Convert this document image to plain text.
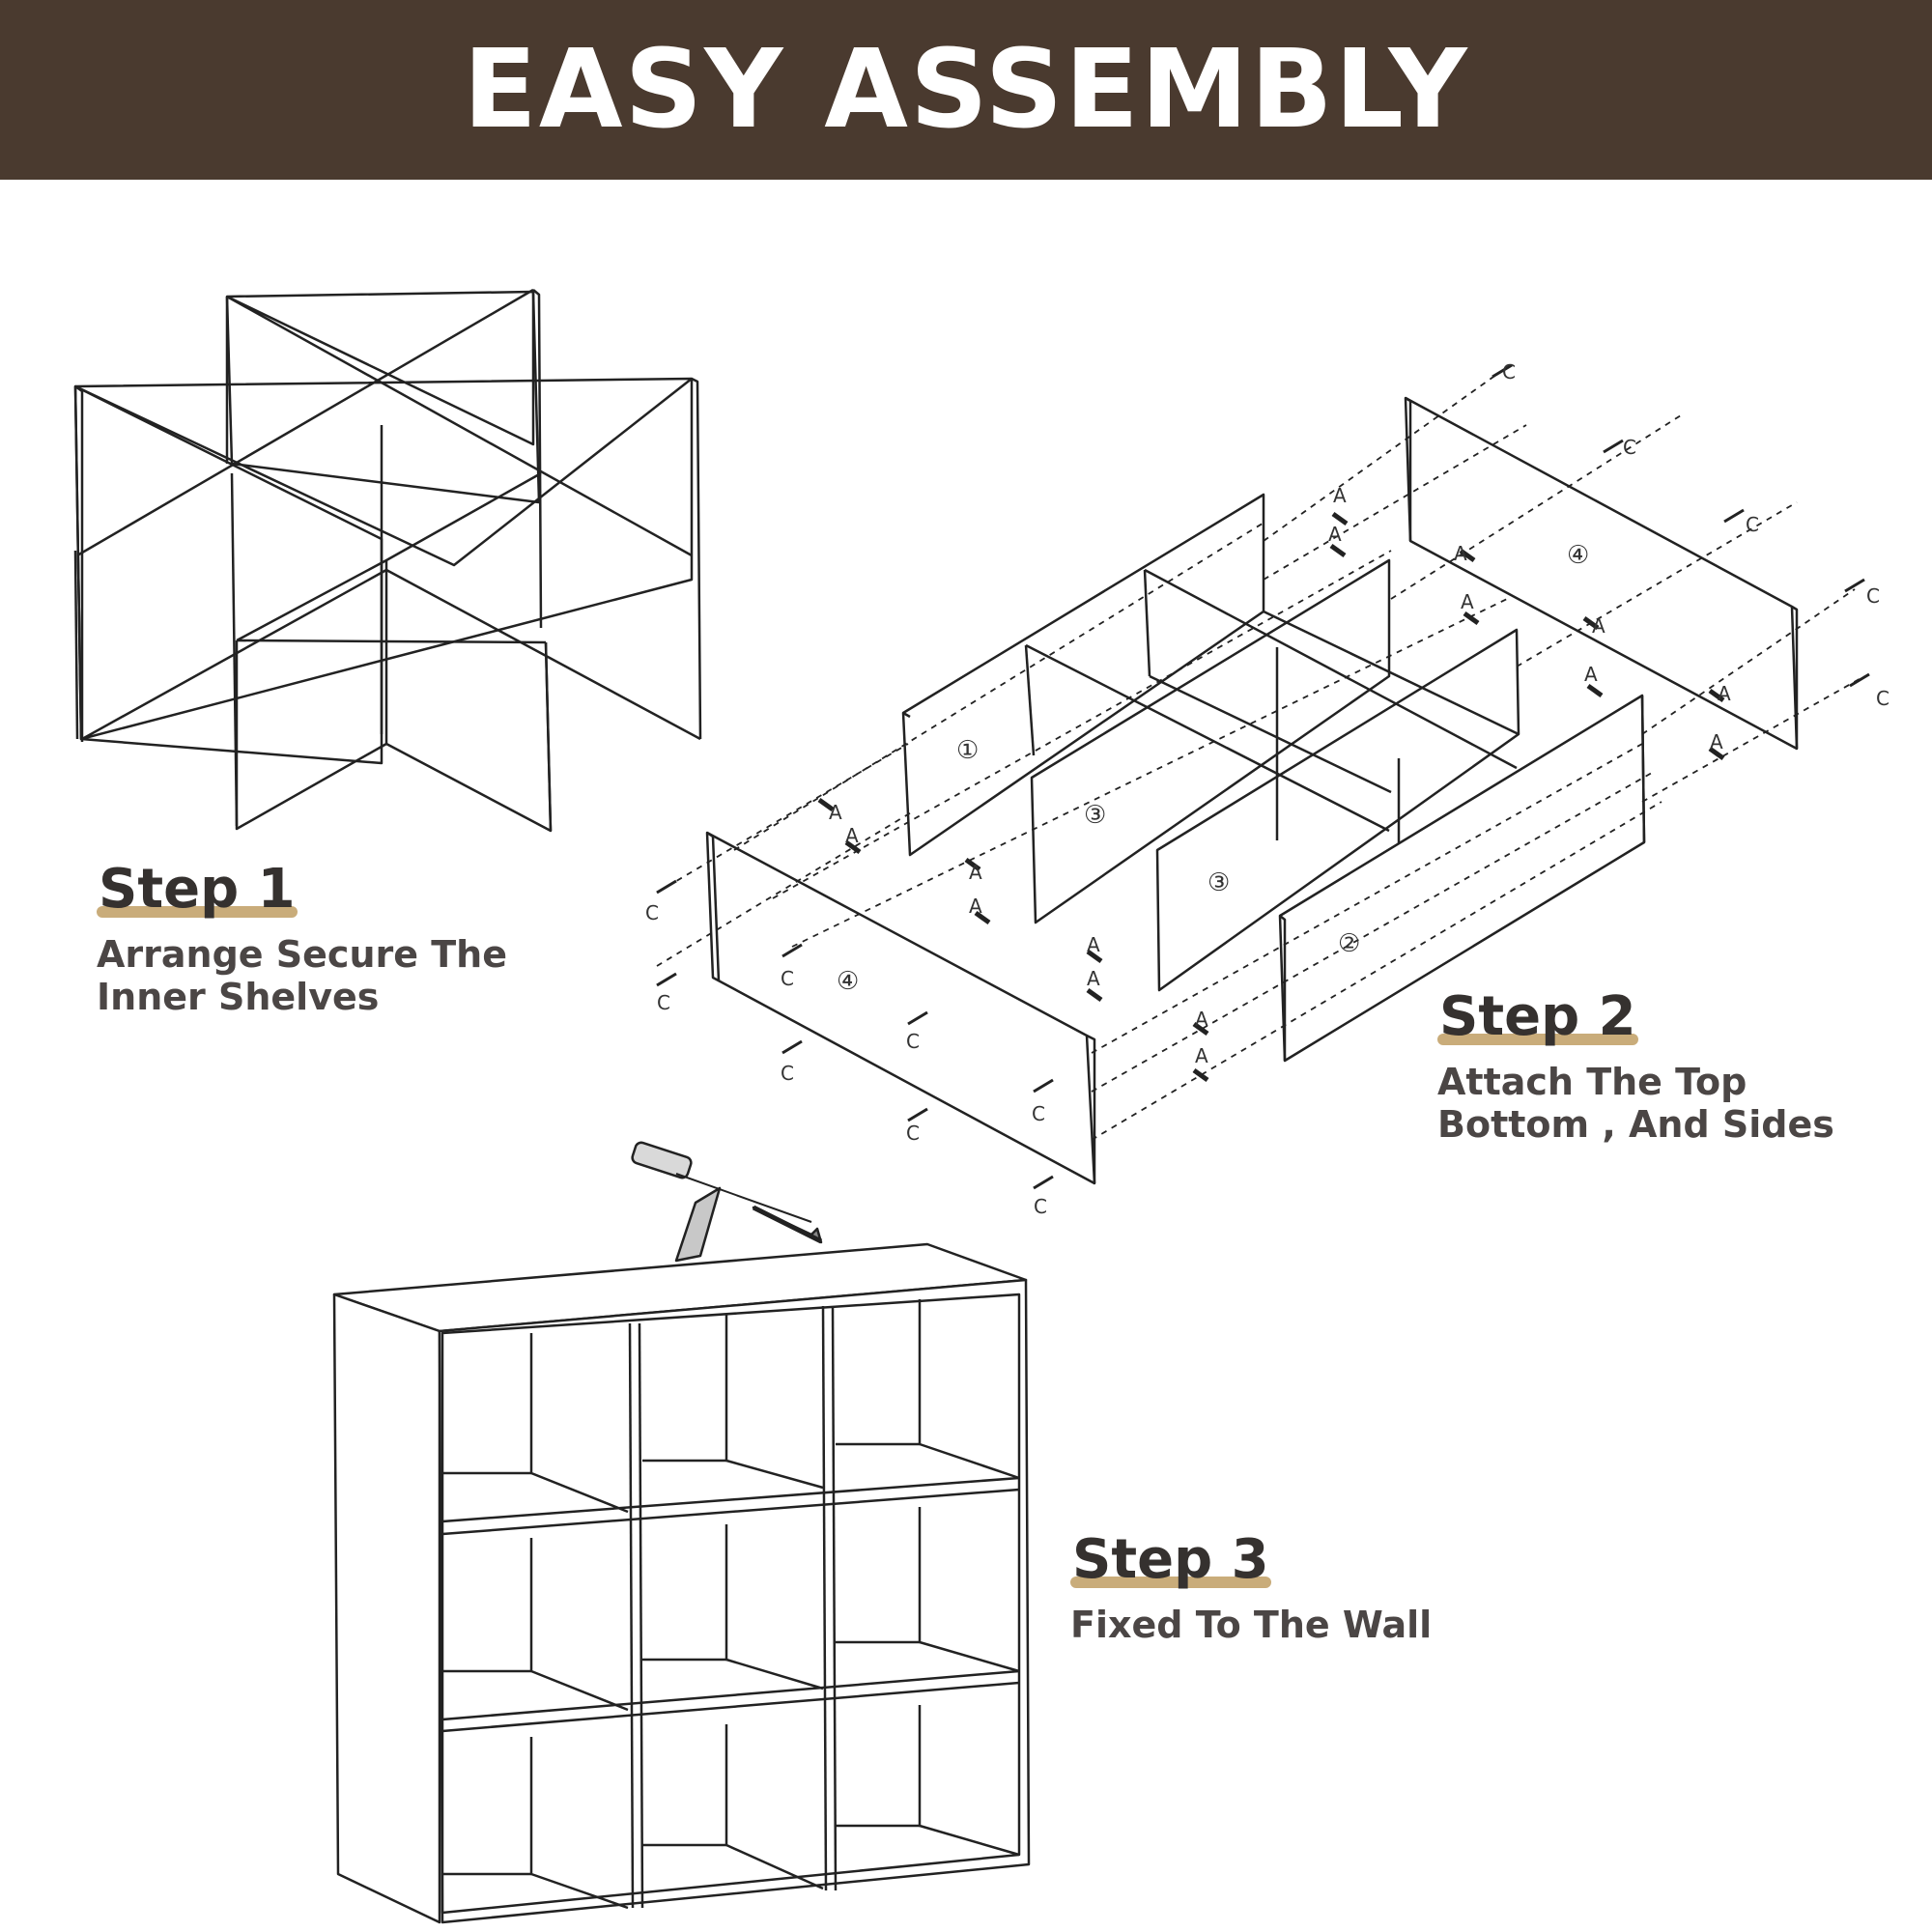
EASY ASSEMBLY
①
③
③
②
④
④
A
A
A
A
A
A
A
A
A
A
A
A
A
A
A
A
C
C
C
C
C
C
C
C
C
C
C
C
C
Step 1
Arrange Secure The
Inner Shelves	Step 2
Attach The Top
Bottom , And Sides
Step 3
Fixed To The Wall
